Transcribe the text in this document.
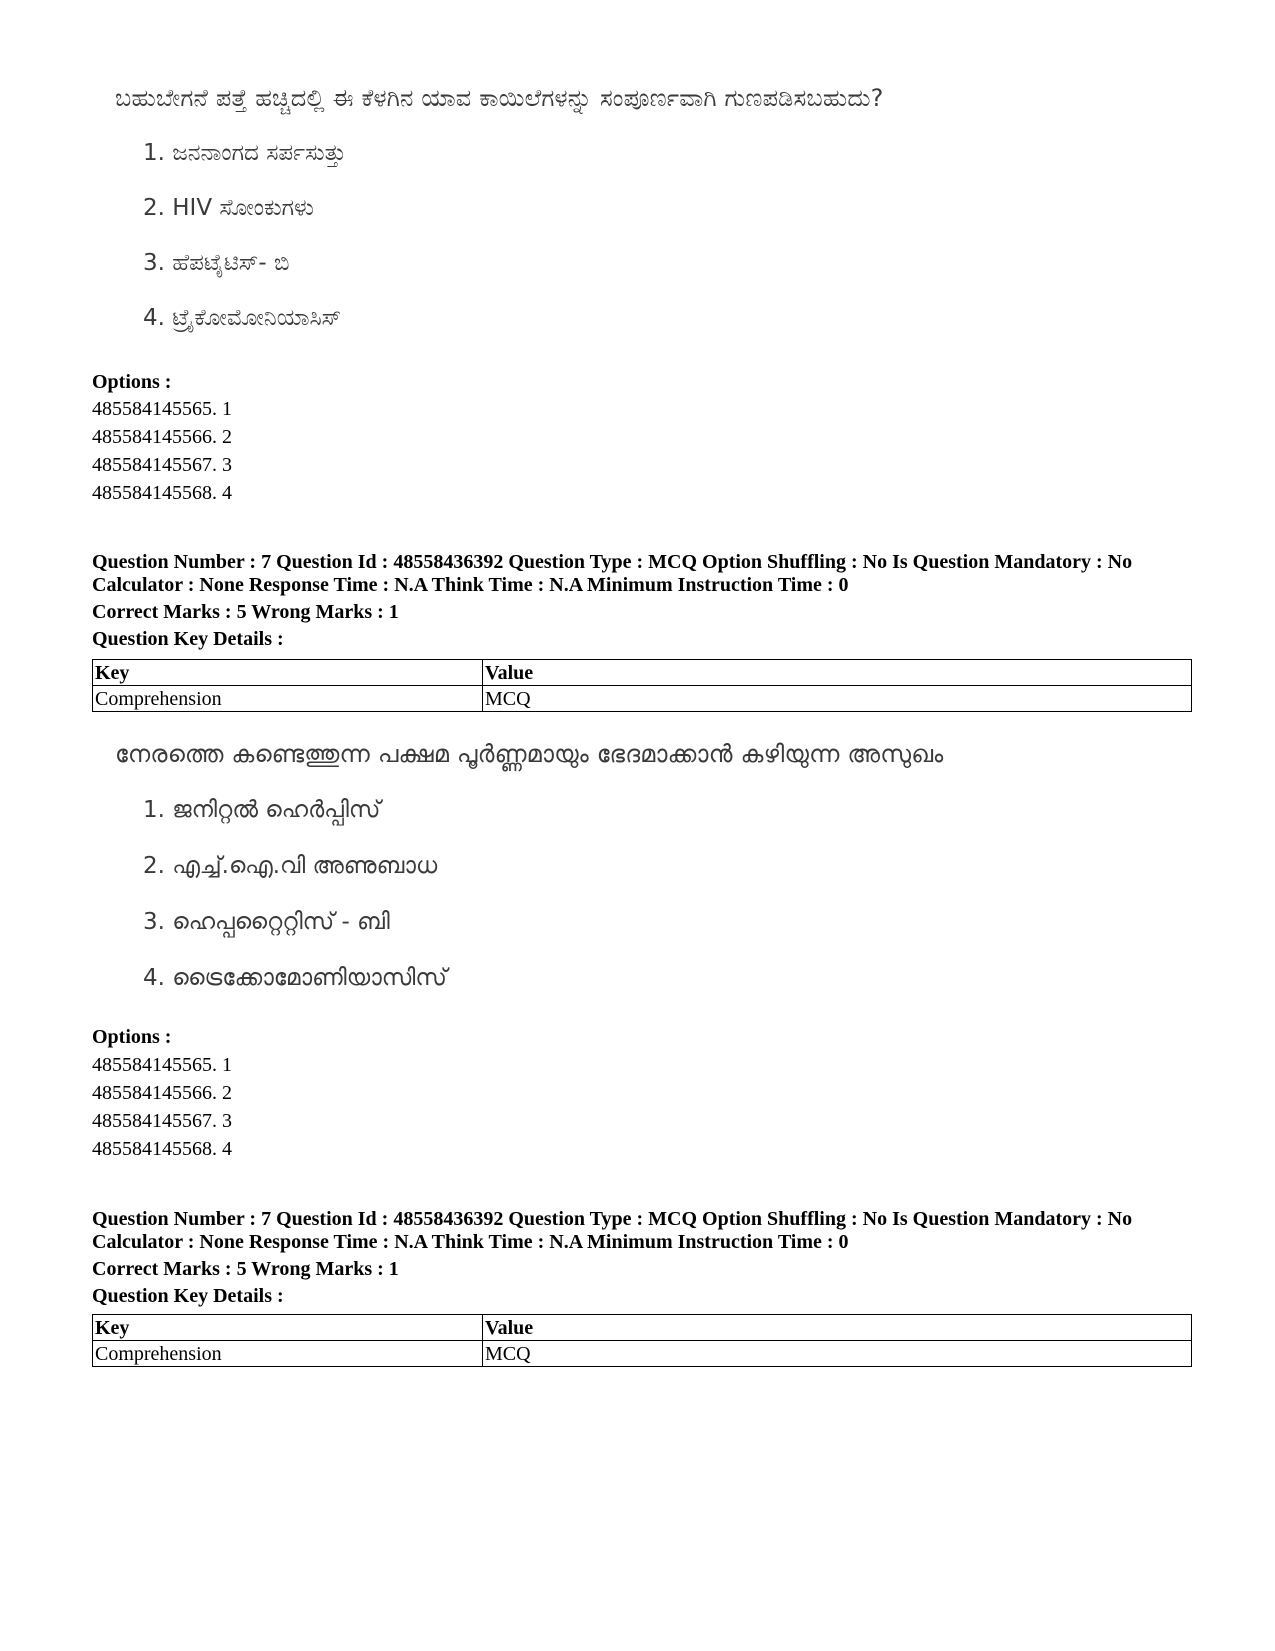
ಬಹುಬೇಗನೆ ಪತ್ತೆ ಹಚ್ಚಿದಲ್ಲಿ ಈ ಕೆಳಗಿನ ಯಾವ ಕಾಯಿಲೆಗಳನ್ನು ಸಂಪೂರ್ಣವಾಗಿ ಗುಣಪಡಿಸಬಹುದು?
1. ಜನನಾಂಗದ ಸರ್ಪಸುತ್ತು
2. HIV ಸೋಂಕುಗಳು
3. ಹೆಪಟೈಟಿಸ್- ಬಿ
4. ಟ್ರೈಕೋಮೋನಿಯಾಸಿಸ್
Options :
485584145565. 1
485584145566. 2
485584145567. 3
485584145568. 4
Question Number : 7 Question Id : 48558436392 Question Type : MCQ Option Shuffling : No Is Question Mandatory : No
Calculator : None Response Time : N.A Think Time : N.A Minimum Instruction Time : 0
Correct Marks : 5 Wrong Marks : 1
Question Key Details :
Key	Value
Comprehension	MCQ
നേരത്തെ കണ്ടെത്തുന്ന പക്ഷമ പൂർണ്ണമായും ഭേദമാക്കാൻ കഴിയുന്ന അസുഖം
1. ജനിറ്റൽ ഹെർപ്പിസ്
2. എച്ച്.ഐ.വി അണുബാധ
3. ഹെപ്പറ്റൈറ്റിസ് - ബി
4. ട്രൈക്കോമോണിയാസിസ്
Options :
485584145565. 1
485584145566. 2
485584145567. 3
485584145568. 4
Question Number : 7 Question Id : 48558436392 Question Type : MCQ Option Shuffling : No Is Question Mandatory : No
Calculator : None Response Time : N.A Think Time : N.A Minimum Instruction Time : 0
Correct Marks : 5 Wrong Marks : 1
Question Key Details :
Key	Value
Comprehension	MCQ
